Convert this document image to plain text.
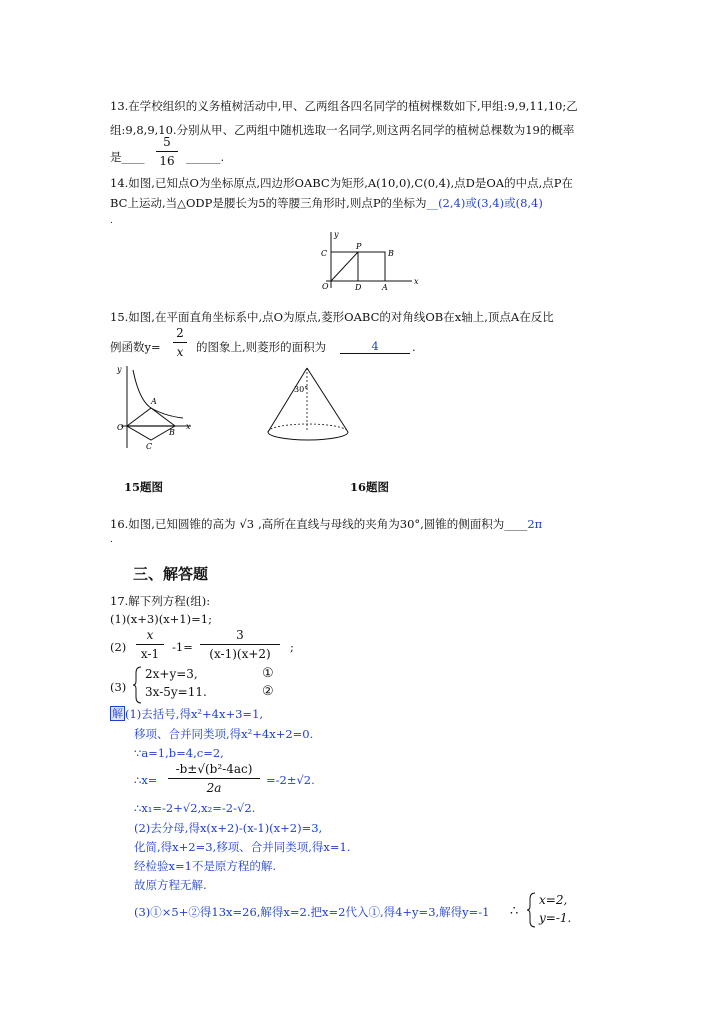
13.在学校组织的义务植树活动中,甲、乙两组各四名同学的植树棵数如下,甲组:9,9,11,10;乙
组:9,8,9,10.分别从甲、乙两组中随机选取一名同学,则这两名同学的植树总棵数为19的概率
是____
5
16 ______.
14.如图,已知点O为坐标原点,四边形OABC为矩形,A(10,0),C(0,4),点D是OA的中点,点P在
BC上运动,当△ODP是腰长为5的等腰三角形时,则点P的坐标为__(2,4)或(3,4)或(8,4)
.
y
x
C
P
B
O	D	A
15.如图,在平面直角坐标系中,点O为原点,菱形OABC的对角线OB在x轴上,顶点A在反比
例函数y=
2
x	的图象上,则菱形的面积为	4	.
y
x
O
A
B
C
30°
15题图	16题图
16.如图,已知圆锥的高为 √3 ,高所在直线与母线的夹角为30°,圆锥的侧面积为____2π
.
三、解答题
17.解下列方程(组):
(1)(x+3)(x+1)=1;
(2)
x
x-1	-1=
3
(x-1)(x+2)	;
(3)
2x+y=3,
3x-5y=11.
①
②
解 (1)去括号,得x²+4x+3=1,
移项、合并同类项,得x²+4x+2=0.
∵a=1,b=4,c=2,
∴x=
-b±√(b²-4ac)
2a
=-2±√2.
∴x₁=-2+√2,x₂=-2-√2.
(2)去分母,得x(x+2)-(x-1)(x+2)=3,
化简,得x+2=3,移项、合并同类项,得x=1.
经检验x=1不是原方程的解.
故原方程无解.
(3)①×5+②得13x=26,解得x=2.把x=2代入①,得4+y=3,解得y=-1 ∴
x=2,
y=-1.
